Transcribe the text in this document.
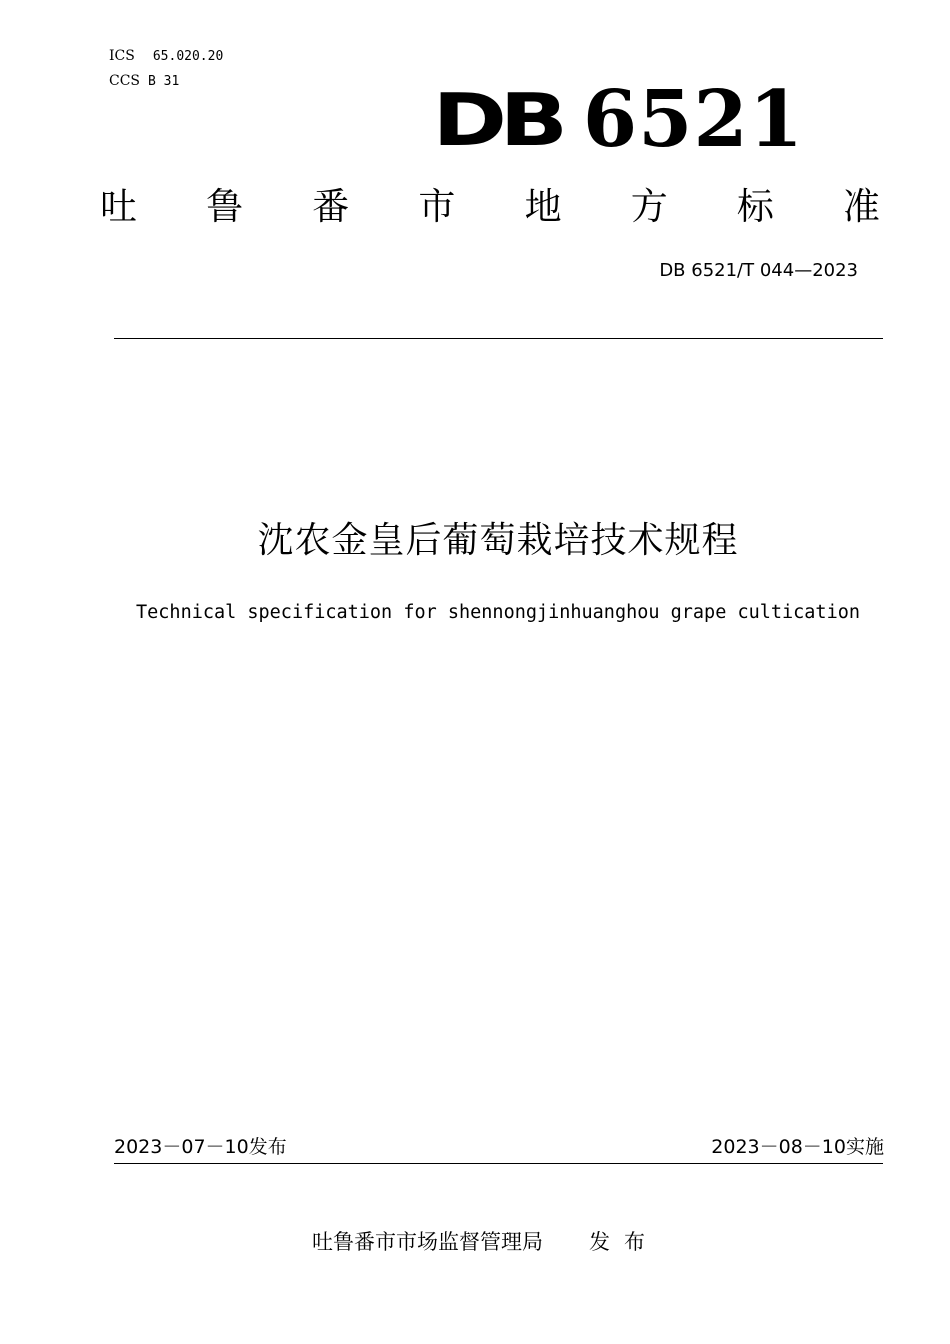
ICS 65.020.20
CCS B 31	DB 6521
吐 鲁 番 市 地 方 标 准
DB 6521/T 044—2023
沈农金皇后葡萄栽培技术规程
Technical specification for shennongjinhuanghou grape cultication
2023－07－10发布	2023－08－10实施
吐鲁番市市场监督管理局 发布
